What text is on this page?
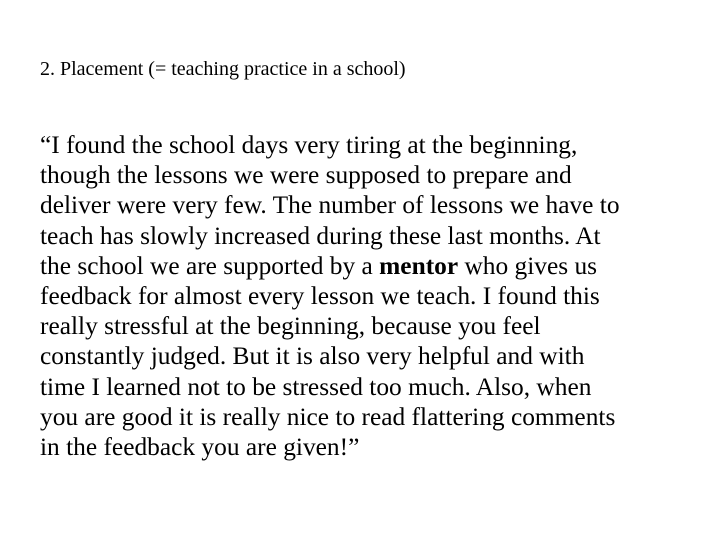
2. Placement (= teaching practice in a school)
“I found the school days very tiring at the beginning,
though the lessons we were supposed to prepare and
deliver were very few. The number of lessons we have to
teach has slowly increased during these last months. At
the school we are supported by a mentor who gives us
feedback for almost every lesson we teach. I found this
really stressful at the beginning, because you feel
constantly judged. But it is also very helpful and with
time I learned not to be stressed too much. Also, when
you are good it is really nice to read flattering comments
in the feedback you are given!”
